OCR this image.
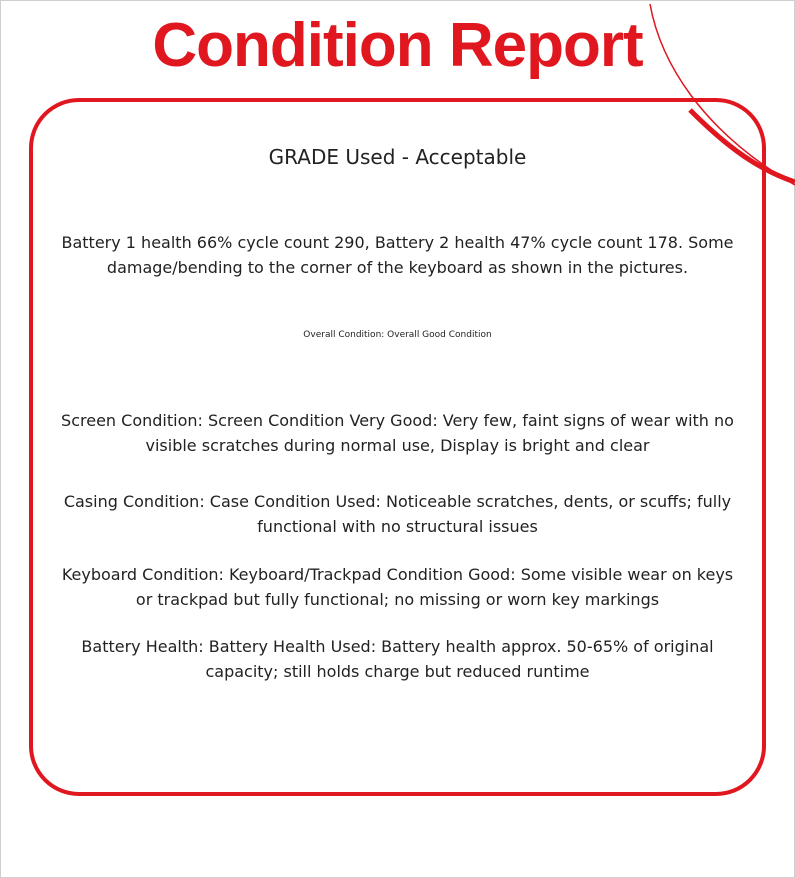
Condition Report
GRADE Used - Acceptable
Battery 1 health 66% cycle count 290, Battery 2 health 47% cycle count 178. Some damage/bending to the corner of the keyboard as shown in the pictures.
Overall Condition: Overall Good Condition
Screen Condition: Screen Condition Very Good: Very few, faint signs of wear with no visible scratches during normal use, Display is bright and clear
Casing Condition: Case Condition Used: Noticeable scratches, dents, or scuffs; fully functional with no structural issues
Keyboard Condition: Keyboard/Trackpad Condition Good: Some visible wear on keys or trackpad but fully functional; no missing or worn key markings
Battery Health: Battery Health Used: Battery health approx. 50-65% of original capacity; still holds charge but reduced runtime
